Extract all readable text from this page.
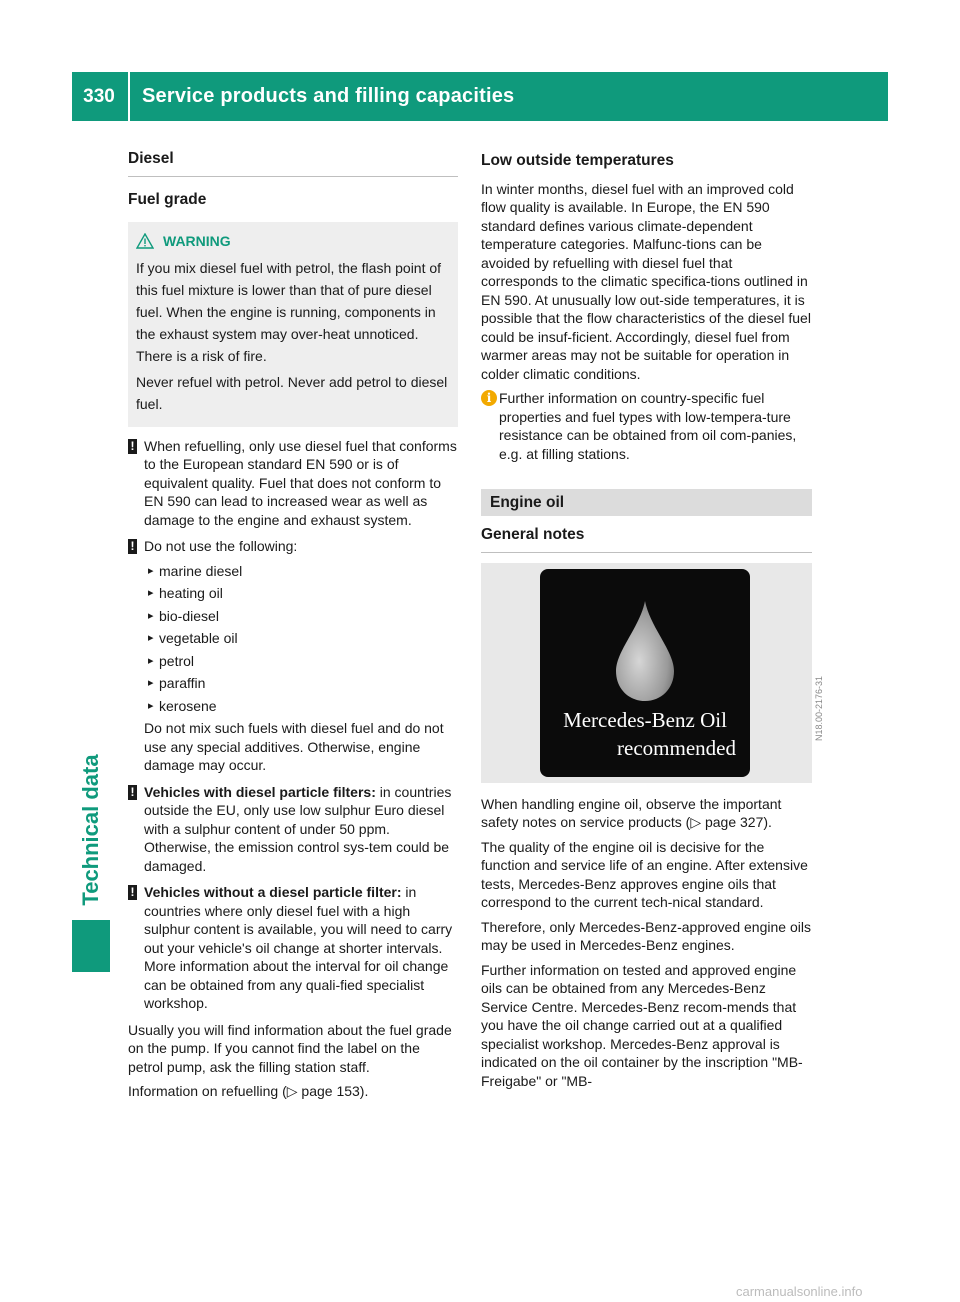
330	Service products and filling capacities
Technical data
Diesel
Fuel grade
WARNING

If you mix diesel fuel with petrol, the flash point of this fuel mixture is lower than that of pure diesel fuel. When the engine is running, components in the exhaust system may over-heat unnoticed. There is a risk of fire.

Never refuel with petrol. Never add petrol to diesel fuel.

! When refuelling, only use diesel fuel that conforms to the European standard EN 590 or is of equivalent quality. Fuel that does not conform to EN 590 can lead to increased wear as well as damage to the engine and exhaust system.
! Do not use the following:
▸ marine diesel
▸ heating oil
▸ bio-diesel
▸ vegetable oil
▸ petrol
▸ paraffin
▸ kerosene
Do not mix such fuels with diesel fuel and do not use any special additives. Otherwise, engine damage may occur.
! Vehicles with diesel particle filters: in countries outside the EU, only use low sulphur Euro diesel with a sulphur content of under 50 ppm. Otherwise, the emission control sys-tem could be damaged.
! Vehicles without a diesel particle filter: in countries where only diesel fuel with a high sulphur content is available, you will need to carry out your vehicle's oil change at shorter intervals. More information about the interval for oil change can be obtained from any quali-fied specialist workshop.
Usually you will find information about the fuel grade on the pump. If you cannot find the label on the petrol pump, ask the filling station staff.
Information on refuelling (▷ page 153).
Low outside temperatures
In winter months, diesel fuel with an improved cold flow quality is available. In Europe, the EN 590 standard defines various climate-dependent temperature categories. Malfunc-tions can be avoided by refuelling with diesel fuel that corresponds to the climatic specifica-tions outlined in EN 590. At unusually low out-side temperatures, it is possible that the flow characteristics of the diesel fuel could be insuf-ficient. Accordingly, diesel fuel from warmer areas may not be suitable for operation in colder climatic conditions.
i Further information on country-specific fuel properties and fuel types with low-tempera-ture resistance can be obtained from oil com-panies, e.g. at filling stations.
Engine oil
General notes
Mercedes-Benz Oil
recommended
N18.00-2176-31
When handling engine oil, observe the important safety notes on service products (▷ page 327).
The quality of the engine oil is decisive for the function and service life of an engine. After extensive tests, Mercedes-Benz approves engine oils that correspond to the current tech-nical standard.
Therefore, only Mercedes-Benz-approved engine oils may be used in Mercedes-Benz engines.
Further information on tested and approved engine oils can be obtained from any Mercedes-Benz Service Centre. Mercedes-Benz recom-mends that you have the oil change carried out at a qualified specialist workshop. Mercedes-Benz approval is indicated on the oil container by the inscription "MB-Freigabe" or "MB-
carmanualsonline.info
